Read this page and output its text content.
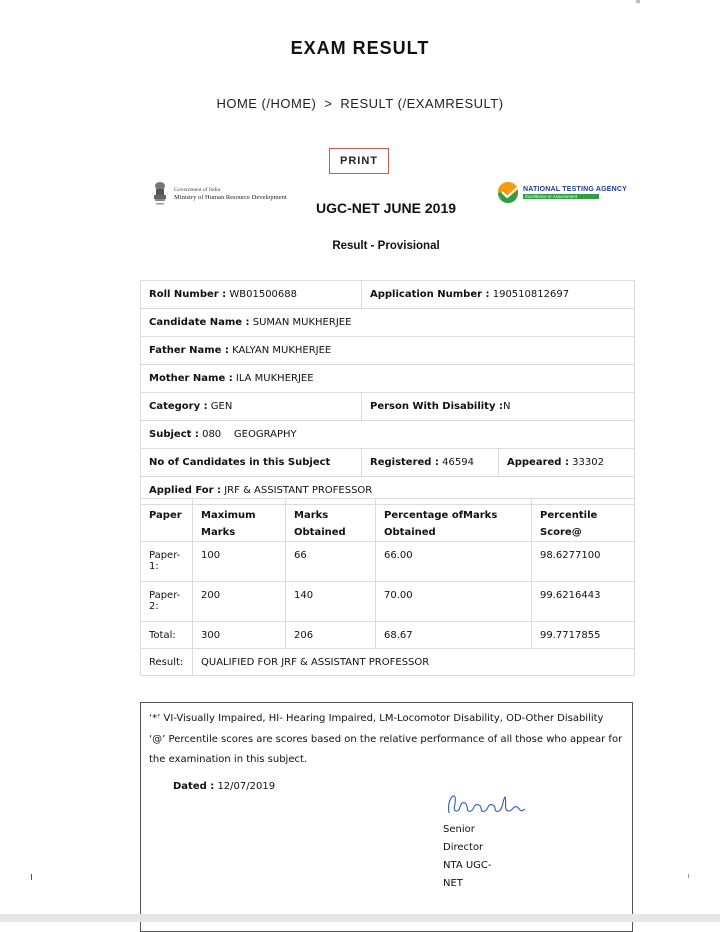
EXAM RESULT
HOME (/HOME) > RESULT (/EXAMRESULT)
PRINT
Government of India
Ministry of Human Resource Development
NATIONAL TESTING AGENCY
Excellence in Assessment
UGC-NET JUNE 2019
Result - Provisional
Roll Number : WB01500688	Application Number : 190510812697	
Candidate Name : SUMAN MUKHERJEE		
Father Name : KALYAN MUKHERJEE		
Mother Name : ILA MUKHERJEE		
Category : GEN	Person With Disability :N	
Subject : 080    GEOGRAPHY		
No of Candidates in this Subject	Registered : 46594	Appeared : 33302
Applied For : JRF & ASSISTANT PROFESSOR		
Paper	Maximum Marks	Marks Obtained	Percentage ofMarks Obtained	Percentile Score@
Paper-1:	100	66	66.00	98.6277100
Paper-2:	200	140	70.00	99.6216443
Total:	300	206	68.67	99.7717855
Result:	QUALIFIED FOR JRF & ASSISTANT PROFESSOR			

‘*’ VI-Visually Impaired, HI- Hearing Impaired, LM-Locomotor Disability, OD-Other Disability

‘@’ Percentile scores are scores based on the relative performance of all those who appear for the examination in this subject.

Dated : 12/07/2019
Senior
Director
NTA UGC-
NET
